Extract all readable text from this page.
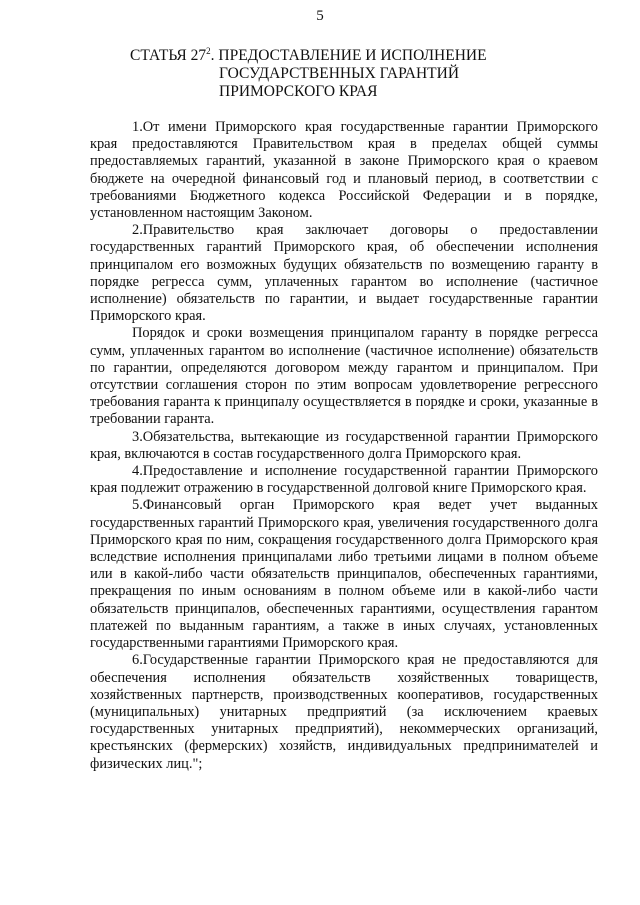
5
СТАТЬЯ $27^2$. ПРЕДОСТАВЛЕНИЕ И ИСПОЛНЕНИЕ
ГОСУДАРСТВЕННЫХ ГАРАНТИЙ
ПРИМОРСКОГО КРАЯ

1.От имени Приморского края государственные гарантии Приморского края предоставляются Правительством края в пределах общей суммы предоставляемых гарантий, указанной в законе Приморского края о краевом бюджете на очередной финансовый год и плановый период, в соответствии с требованиями Бюджетного кодекса Российской Федерации и в порядке, установленном настоящим Законом.

2.Правительство края заключает договоры о предоставлении государственных гарантий Приморского края, об обеспечении исполнения принципалом его возможных будущих обязательств по возмещению гаранту в порядке регресса сумм, уплаченных гарантом во исполнение (частичное исполнение) обязательств по гарантии, и выдает государственные гарантии Приморского края.

Порядок и сроки возмещения принципалом гаранту в порядке регресса сумм, уплаченных гарантом во исполнение (частичное исполнение) обязательств по гарантии, определяются договором между гарантом и принципалом. При отсутствии соглашения сторон по этим вопросам удовлетворение регрессного требования гаранта к принципалу осуществляется в порядке и сроки, указанные в требовании гаранта.

3.Обязательства, вытекающие из государственной гарантии Приморского края, включаются в состав государственного долга Приморского края.

4.Предоставление и исполнение государственной гарантии Приморского края подлежит отражению в государственной долговой книге Приморского края.

5.Финансовый орган Приморского края ведет учет выданных государственных гарантий Приморского края, увеличения государственного долга Приморского края по ним, сокращения государственного долга Приморского края вследствие исполнения принципалами либо третьими лицами в полном объеме или в какой-либо части обязательств принципалов, обеспеченных гарантиями, прекращения по иным основаниям в полном объеме или в какой-либо части обязательств принципалов, обеспеченных гарантиями, осуществления гарантом платежей по выданным гарантиям, а также в иных случаях, установленных государственными гарантиями Приморского края.

6.Государственные гарантии Приморского края не предоставляются для обеспечения исполнения обязательств хозяйственных товариществ, хозяйственных партнерств, производственных кооперативов, государственных (муниципальных) унитарных предприятий (за исключением краевых государственных унитарных предприятий), некоммерческих организаций, крестьянских (фермерских) хозяйств, индивидуальных предпринимателей и физических лиц.";
